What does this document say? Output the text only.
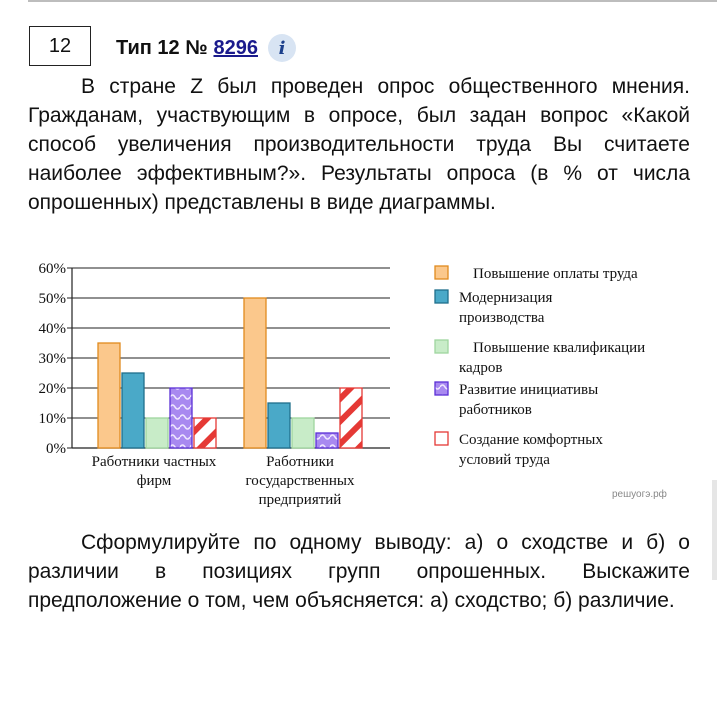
12 Тип 12 № 8296	i
В стране Z был проведен опрос общественного мнения. Гражданам, участвующим в опросе, был задан вопрос «Какой способ увеличения производительности труда Вы считаете наиболее эффективным?». Результаты опроса (в % от числа опрошенных) представлены в виде диаграммы.
0%
10%
20%
30%
40%
50%
60%
Работники частных
фирм
Работники
государственных
предприятий
Повышение оплаты труда
Модернизация
производства
Повышение квалификации
кадров
Развитие инициативы
работников
Создание комфортных
условий труда
решуогэ.рф
Сформулируйте по одному выводу: а) о сходстве и б) о различии в позициях групп опрошенных. Выскажите предположение о том, чем объясняется: а) сходство; б) различие.
